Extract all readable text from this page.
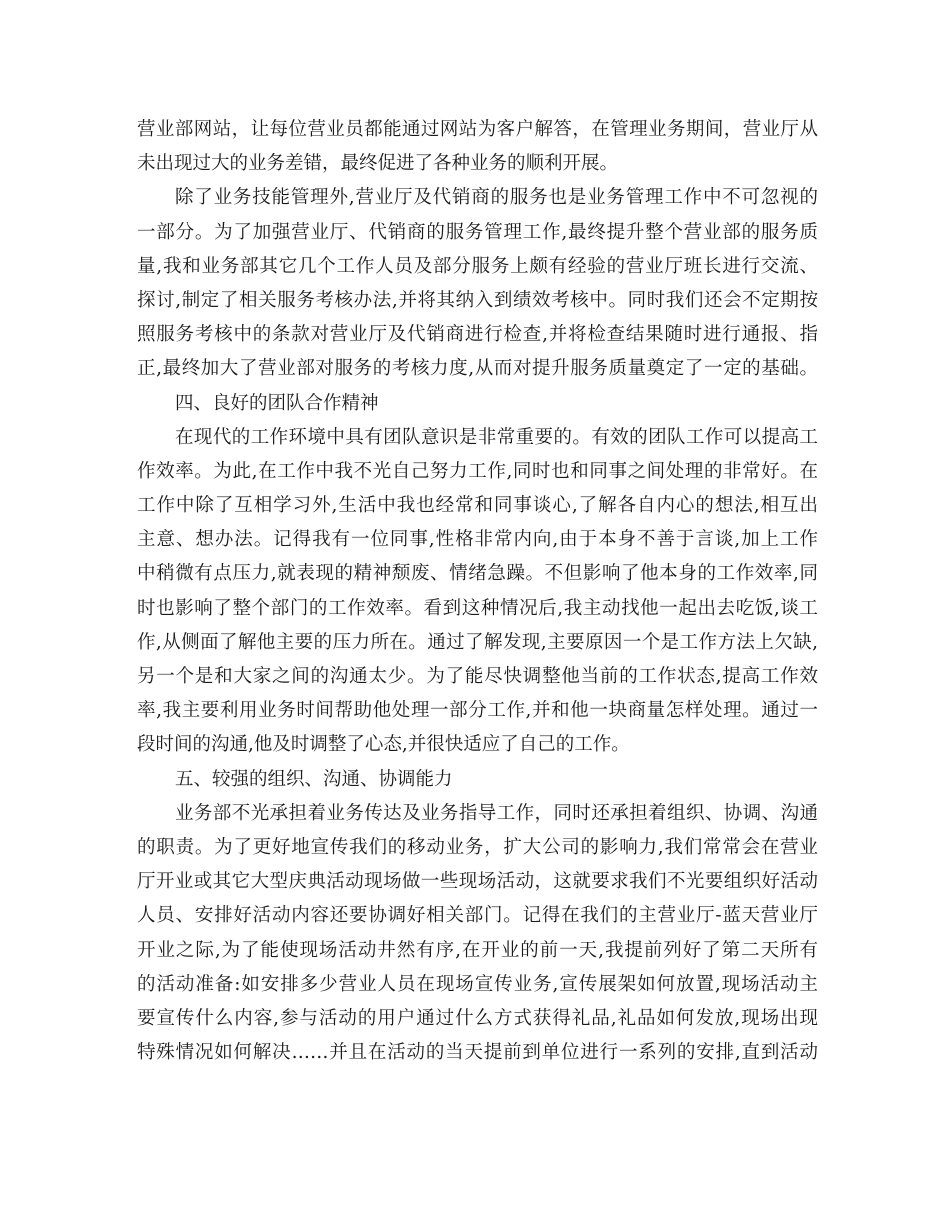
营业部网站，让每位营业员都能通过网站为客户解答，在管理业务期间，营业厅从
未出现过大的业务差错，最终促进了各种业务的顺利开展。
除了业务技能管理外,营业厅及代销商的服务也是业务管理工作中不可忽视的
一部分。为了加强营业厅、代销商的服务管理工作,最终提升整个营业部的服务质
量,我和业务部其它几个工作人员及部分服务上颇有经验的营业厅班长进行交流、
探讨,制定了相关服务考核办法,并将其纳入到绩效考核中。同时我们还会不定期按
照服务考核中的条款对营业厅及代销商进行检查,并将检查结果随时进行通报、指
正,最终加大了营业部对服务的考核力度,从而对提升服务质量奠定了一定的基础。
四、良好的团队合作精神
在现代的工作环境中具有团队意识是非常重要的。有效的团队工作可以提高工
作效率。为此,在工作中我不光自己努力工作,同时也和同事之间处理的非常好。在
工作中除了互相学习外,生活中我也经常和同事谈心,了解各自内心的想法,相互出
主意、想办法。记得我有一位同事,性格非常内向,由于本身不善于言谈,加上工作
中稍微有点压力,就表现的精神颓废、情绪急躁。不但影响了他本身的工作效率,同
时也影响了整个部门的工作效率。看到这种情况后,我主动找他一起出去吃饭,谈工
作,从侧面了解他主要的压力所在。通过了解发现,主要原因一个是工作方法上欠缺,
另一个是和大家之间的沟通太少。为了能尽快调整他当前的工作状态,提高工作效
率,我主要利用业务时间帮助他处理一部分工作,并和他一块商量怎样处理。通过一
段时间的沟通,他及时调整了心态,并很快适应了自己的工作。
五、较强的组织、沟通、协调能力
业务部不光承担着业务传达及业务指导工作，同时还承担着组织、协调、沟通
的职责。为了更好地宣传我们的移动业务，扩大公司的影响力,我们常常会在营业
厅开业或其它大型庆典活动现场做一些现场活动，这就要求我们不光要组织好活动
人员、安排好活动内容还要协调好相关部门。记得在我们的主营业厅-蓝天营业厅
开业之际,为了能使现场活动井然有序,在开业的前一天,我提前列好了第二天所有
的活动准备:如安排多少营业人员在现场宣传业务,宣传展架如何放置,现场活动主
要宣传什么内容,参与活动的用户通过什么方式获得礼品,礼品如何发放,现场出现
特殊情况如何解决……并且在活动的当天提前到单位进行一系列的安排,直到活动
